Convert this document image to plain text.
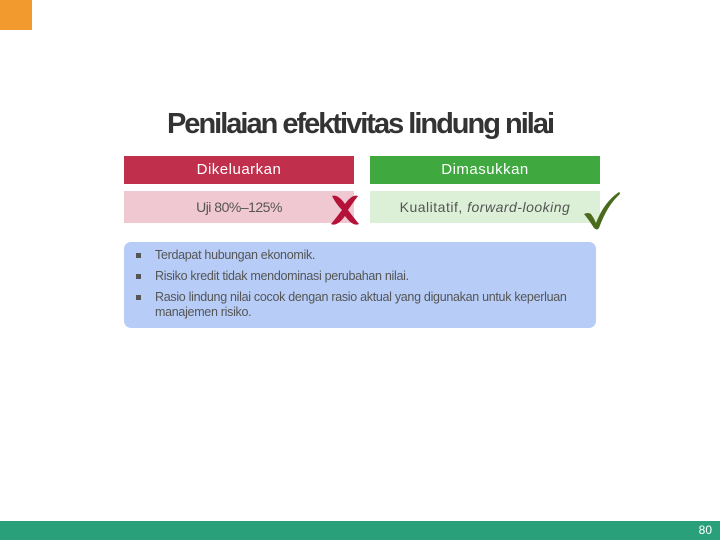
Penilaian efektivitas lindung nilai
Dikeluarkan	Dimasukkan
Uji 80%–125%	Kualitatif, forward-looking
Terdapat hubungan ekonomik.
Risiko kredit tidak mendominasi perubahan nilai.
Rasio lindung nilai cocok dengan rasio aktual yang digunakan untuk keperluan manajemen risiko.
80
